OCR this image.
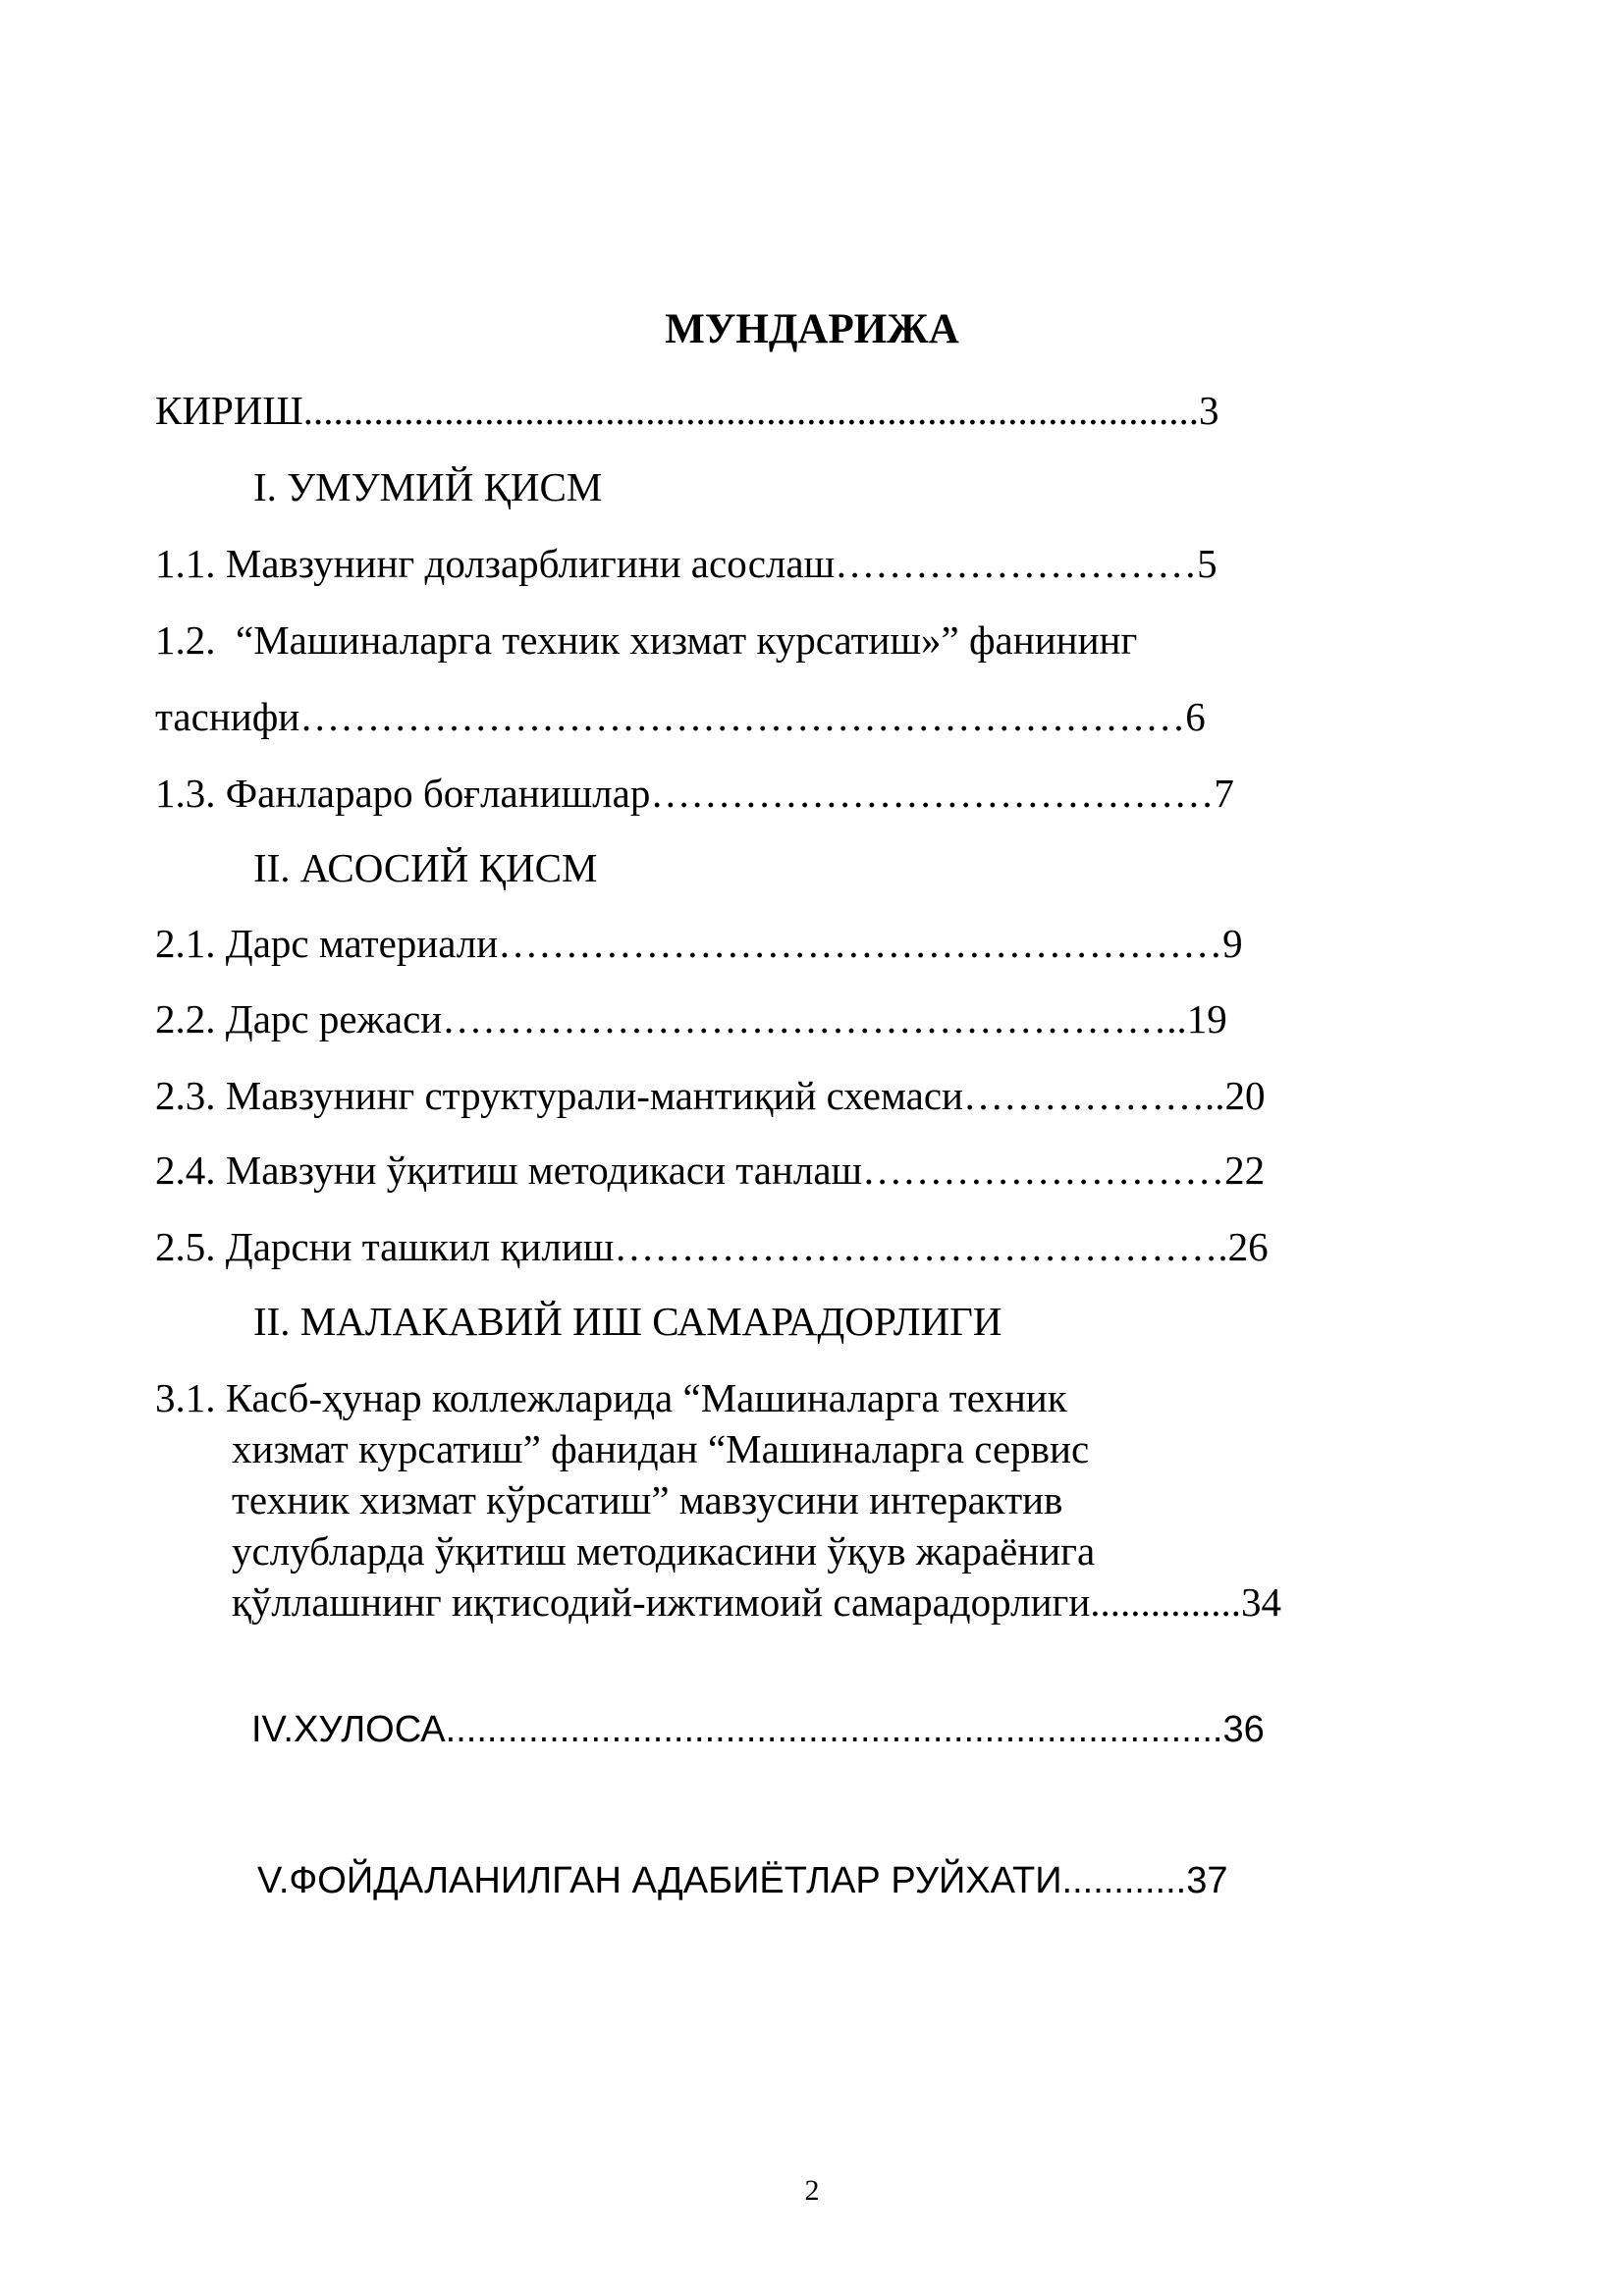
МУНДАРИЖА
КИРИШ.........................................................................................3
I. УМУМИЙ ҚИСМ
1.1. Мавзунинг долзарблигини асослаш………………………5
1.2.  “Машиналарга техник хизмат курсатиш»” фанининг
таснифи…………………………………………………………6
1.3. Фанлараро боғланишлар……………………………………7
II. АСОСИЙ ҚИСМ
2.1. Дарс материали………………………………………………9
2.2. Дарс режаси………………………………………………..19
2.3. Мавзунинг структурали-мантиқий схемаси………………..20
2.4. Мавзуни ўқитиш методикаси танлаш………………………22
2.5. Дарсни ташкил қилиш……………………………………….26
II. МАЛАКАВИЙ ИШ САМАРАДОРЛИГИ
3.1. Касб-ҳунар коллежларида “Машиналарга техник
хизмат курсатиш” фанидан “Машиналарга сервис
техник хизмат кўрсатиш” мавзусини интерактив
услубларда ўқитиш методикасини ўқув жараёнига
қўллашнинг иқтисодий-ижтимоий самарадорлиги...............34
IV.ХУЛОСА...........................................................................36
V.ФОЙДАЛАНИЛГАН АДАБИЁТЛАР РУЙХАТИ............37
2
